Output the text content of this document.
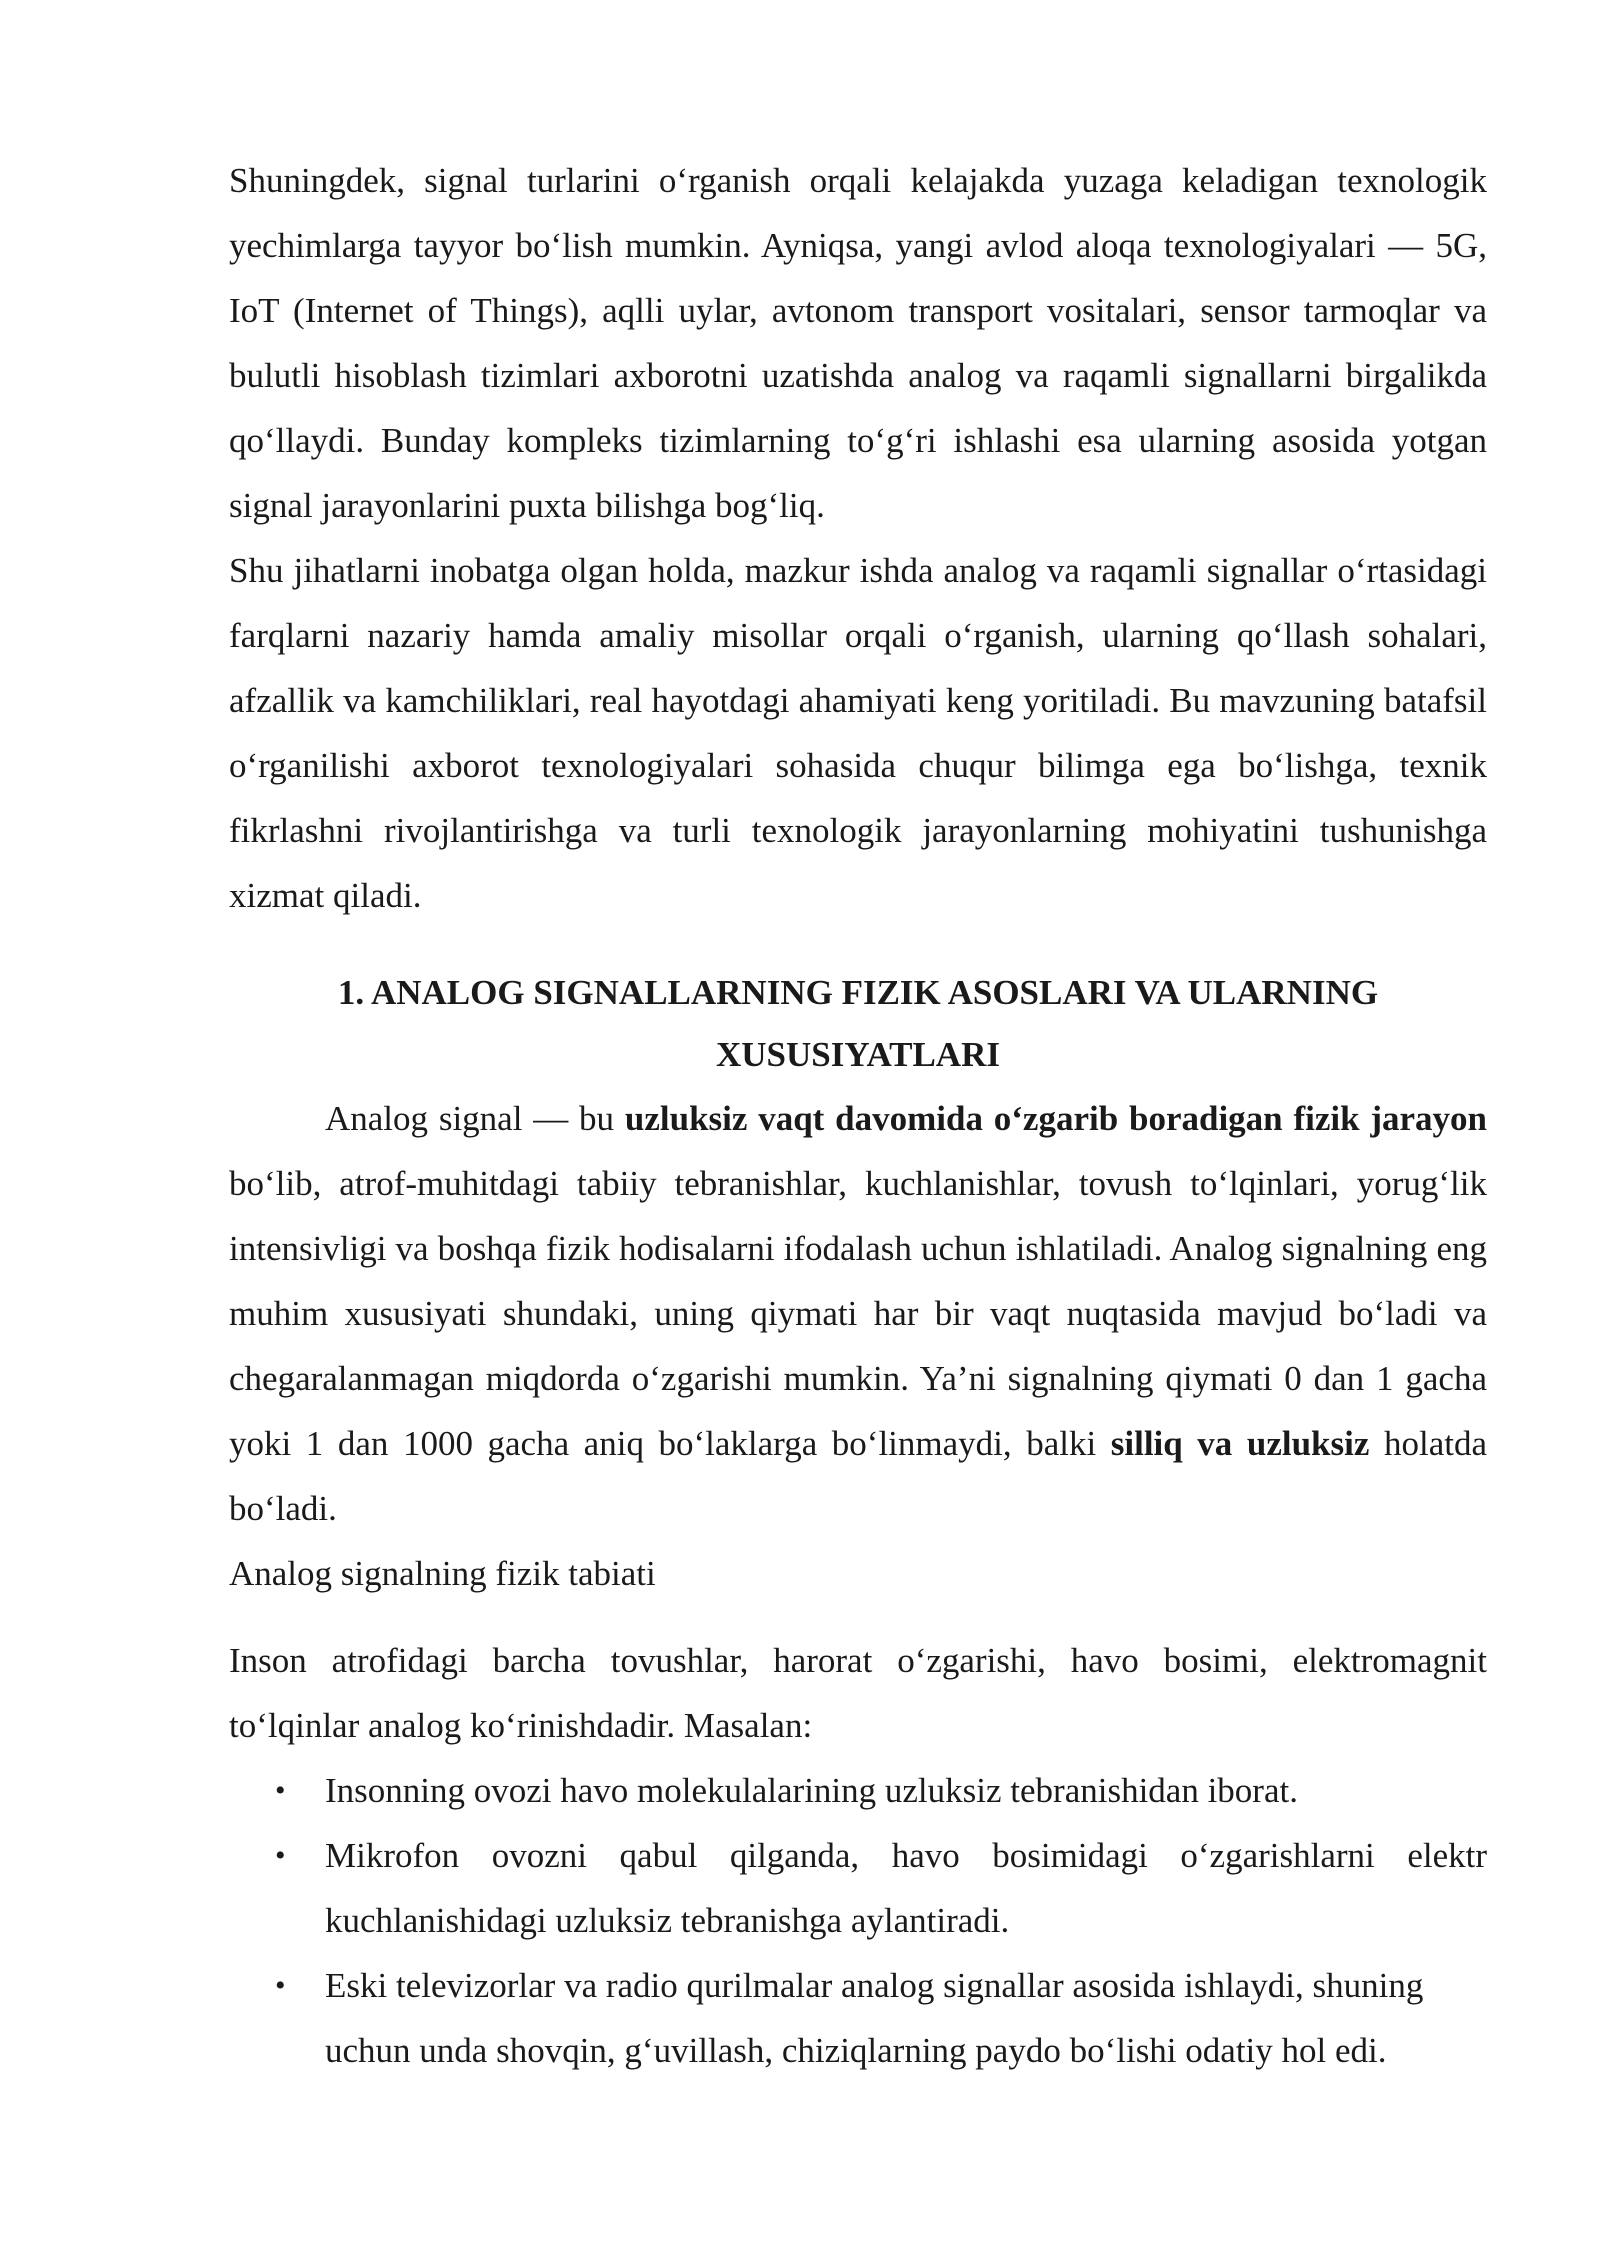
Shuningdek, signal turlarini o‘rganish orqali kelajakda yuzaga keladigan texnologik yechimlarga tayyor bo‘lish mumkin. Ayniqsa, yangi avlod aloqa texnologiyalari — 5G, IoT (Internet of Things), aqlli uylar, avtonom transport vositalari, sensor tarmoqlar va bulutli hisoblash tizimlari axborotni uzatishda analog va raqamli signallarni birgalikda qo‘llaydi. Bunday kompleks tizimlarning to‘g‘ri ishlashi esa ularning asosida yotgan signal jarayonlarini puxta bilishga bog‘liq.

Shu jihatlarni inobatga olgan holda, mazkur ishda analog va raqamli signallar o‘rtasidagi farqlarni nazariy hamda amaliy misollar orqali o‘rganish, ularning qo‘llash sohalari, afzallik va kamchiliklari, real hayotdagi ahamiyati keng yoritiladi. Bu mavzuning batafsil o‘rganilishi axborot texnologiyalari sohasida chuqur bilimga ega bo‘lishga, texnik fikrlashni rivojlantirishga va turli texnologik jarayonlarning mohiyatini tushunishga xizmat qiladi.

1. ANALOG SIGNALLARNING FIZIK ASOSLARI VA ULARNING
XUSUSIYATLARI

Analog signal — bu uzluksiz vaqt davomida o‘zgarib boradigan fizik jarayon bo‘lib, atrof-muhitdagi tabiiy tebranishlar, kuchlanishlar, tovush to‘lqinlari, yorug‘lik intensivligi va boshqa fizik hodisalarni ifodalash uchun ishlatiladi. Analog signalning eng muhim xususiyati shundaki, uning qiymati har bir vaqt nuqtasida mavjud bo‘ladi va chegaralanmagan miqdorda o‘zgarishi mumkin. Ya’ni signalning qiymati 0 dan 1 gacha yoki 1 dan 1000 gacha aniq bo‘laklarga bo‘linmaydi, balki silliq va uzluksiz holatda bo‘ladi.

Analog signalning fizik tabiati

Inson atrofidagi barcha tovushlar, harorat o‘zgarishi, havo bosimi, elektromagnit to‘lqinlar analog ko‘rinishdadir. Masalan:

• Insonning ovozi havo molekulalarining uzluksiz tebranishidan iborat.
• Mikrofon ovozni qabul qilganda, havo bosimidagi o‘zgarishlarni elektr kuchlanishidagi uzluksiz tebranishga aylantiradi.
• Eski televizorlar va radio qurilmalar analog signallar asosida ishlaydi, shuning uchun unda shovqin, g‘uvillash, chiziqlarning paydo bo‘lishi odatiy hol edi.
